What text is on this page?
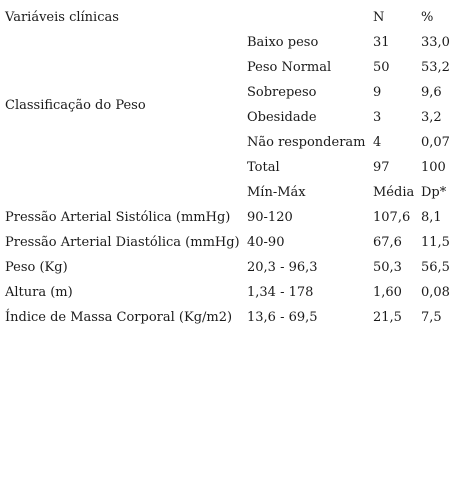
Variáveis clínicas		N	%
Classificação do Peso	Baixo peso	31	33,0
	Peso Normal	50	53,2
	Sobrepeso	9	9,6
	Obesidade	3	3,2
	Não responderam	4	0,07
	Total	97	100
	Mín-Máx	Média	Dp*
Pressão Arterial Sistólica (mmHg)	90-120	107,6	8,1
Pressão Arterial Diastólica (mmHg)	40-90	67,6	11,5
Peso (Kg)	20,3 - 96,3	50,3	56,5
Altura (m)	1,34 - 178	1,60	0,08
Índice de Massa Corporal (Kg/m2)	13,6 - 69,5	21,5	7,5
